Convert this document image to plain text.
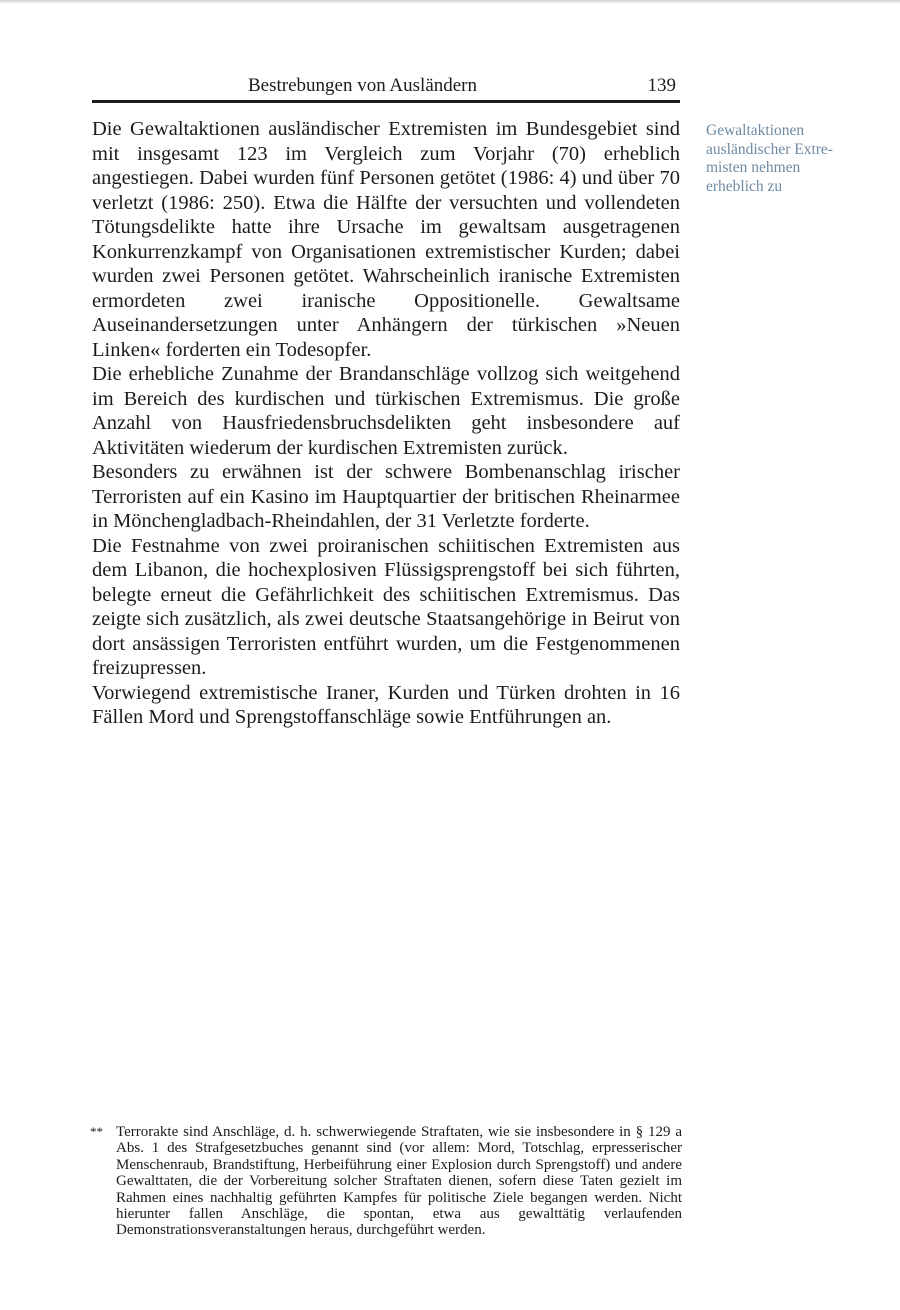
Bestrebungen von Ausländern	139

Die Gewaltaktionen ausländischer Extremisten im Bundesgebiet sind mit insgesamt 123 im Vergleich zum Vorjahr (70) erheblich angestiegen. Dabei wurden fünf Personen getötet (1986: 4) und über 70 verletzt (1986: 250). Etwa die Hälfte der versuchten und vollendeten Tötungsdelikte hatte ihre Ursache im gewaltsam ausgetragenen Konkurrenzkampf von Organisationen extremistischer Kurden; dabei wurden zwei Personen getötet. Wahrscheinlich iranische Extremisten ermordeten zwei iranische Oppositionelle. Gewaltsame Auseinandersetzungen unter Anhängern der türkischen »Neuen Linken« forderten ein Todesopfer.

Die erhebliche Zunahme der Brandanschläge vollzog sich weitgehend im Bereich des kurdischen und türkischen Extremismus. Die große Anzahl von Hausfriedensbruchsdelikten geht insbesondere auf Aktivitäten wiederum der kurdischen Extremisten zurück.

Besonders zu erwähnen ist der schwere Bombenanschlag irischer Terroristen auf ein Kasino im Hauptquartier der britischen Rheinarmee in Mönchengladbach-Rheindahlen, der 31 Verletzte forderte.

Die Festnahme von zwei proiranischen schiitischen Extremisten aus dem Libanon, die hochexplosiven Flüssigsprengstoff bei sich führten, belegte erneut die Gefährlichkeit des schiitischen Extremismus. Das zeigte sich zusätzlich, als zwei deutsche Staatsangehörige in Beirut von dort ansässigen Terroristen entführt wurden, um die Festgenommenen freizupressen.

Vorwiegend extremistische Iraner, Kurden und Türken drohten in 16 Fällen Mord und Sprengstoffanschläge sowie Entführungen an.

Gewaltaktionen
ausländischer Extre-
misten nehmen
erheblich zu
** Terrorakte sind Anschläge, d. h. schwerwiegende Straftaten, wie sie insbesondere in § 129 a Abs. 1 des Strafgesetzbuches genannt sind (vor allem: Mord, Totschlag, erpresserischer Menschenraub, Brandstiftung, Herbeiführung einer Explosion durch Sprengstoff) und andere Gewalttaten, die der Vorbereitung solcher Straftaten dienen, sofern diese Taten gezielt im Rahmen eines nachhaltig geführten Kampfes für politische Ziele begangen werden. Nicht hierunter fallen Anschläge, die spontan, etwa aus gewalttätig verlaufenden Demonstrationsveranstaltungen heraus, durchgeführt werden.
